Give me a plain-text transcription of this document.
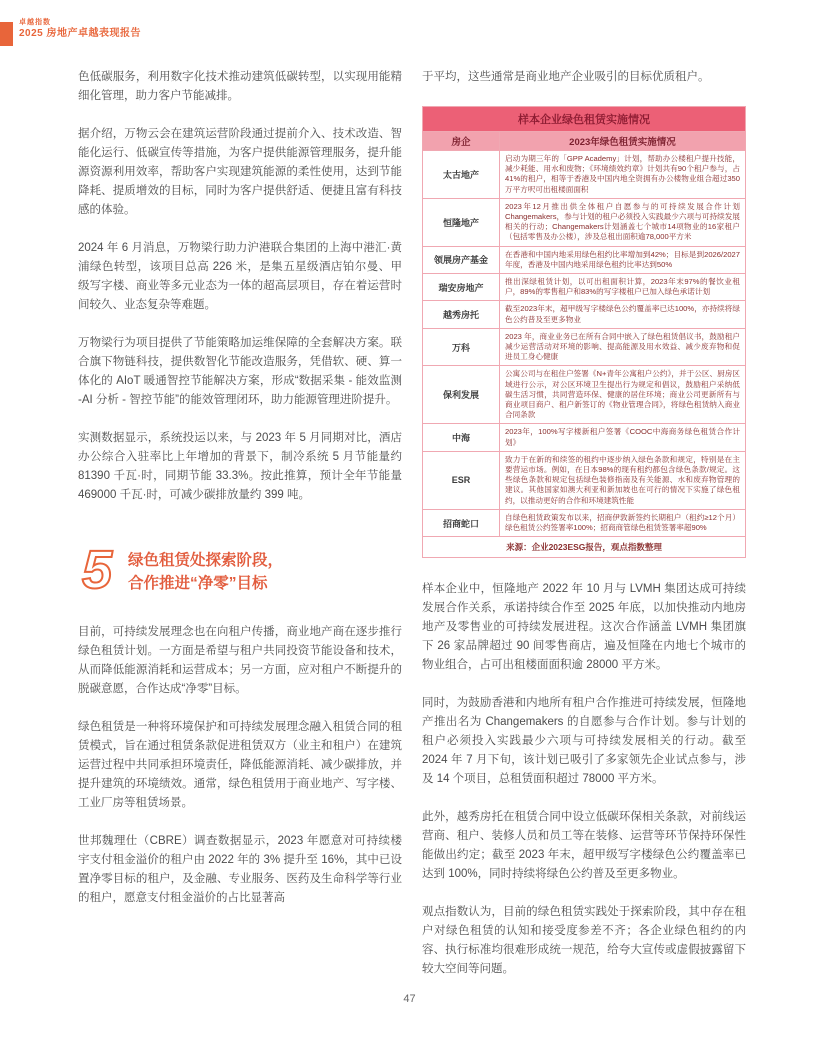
卓越指数
2025 房地产卓越表现报告

色低碳服务，利用数字化技术推动建筑低碳转型，以实现用能精细化管理，助力客户节能减排。

据介绍，万物云会在建筑运营阶段通过提前介入、技术改造、智能化运行、低碳宣传等措施，为客户提供能源管理服务，提升能源资源利用效率，帮助客户实现建筑能源的柔性使用，达到节能降耗、提质增效的目标，同时为客户提供舒适、便捷且富有科技感的体验。

2024 年 6 月消息，万物梁行助力沪港联合集团的上海中港汇·黄浦绿色转型，该项目总高 226 米，是集五星级酒店铂尔曼、甲级写字楼、商业等多元业态为一体的超高层项目，存在着运营时间较久、业态复杂等难题。

万物梁行为项目提供了节能策略加运维保障的全套解决方案。联合旗下物链科技，提供数智化节能改造服务，凭借软、硬、算一体化的 AIoT 暖通智控节能解决方案，形成“数据采集 - 能效监测 -AI 分析 - 智控节能”的能效管理闭环，助力能源管理进阶提升。

实测数据显示，系统投运以来，与 2023 年 5 月同期对比，酒店办公综合入驻率比上年增加的背景下，制冷系统 5 月节能量约 81390 千瓦·时，同期节能 33.3%。按此推算，预计全年节能量 469000 千瓦·时，可减少碳排放量约 399 吨。

5 绿色租赁处探索阶段，
合作推进“净零”目标

目前，可持续发展理念也在向租户传播，商业地产商在逐步推行绿色租赁计划。一方面是希望与租户共同投资节能设备和技术，从而降低能源消耗和运营成本；另一方面，应对租户不断提升的脱碳意愿，合作达成“净零”目标。

绿色租赁是一种将环境保护和可持续发展理念融入租赁合同的租赁模式，旨在通过租赁条款促进租赁双方（业主和租户）在建筑运营过程中共同承担环境责任，降低能源消耗、减少碳排放，并提升建筑的环境绩效。通常，绿色租赁用于商业地产、写字楼、工业厂房等租赁场景。

世邦魏理仕（CBRE）调查数据显示，2023 年愿意对可持续楼宇支付租金溢价的租户由 2022 年的 3% 提升至 16%，其中已设置净零目标的租户，及金融、专业服务、医药及生命科学等行业的租户，愿意支付租金溢价的占比显著高

于平均，这些通常是商业地产企业吸引的目标优质租户。

样本企业绿色租赁实施情况	
房企	2023年绿色租赁实施情况
太古地产	启动为期三年的「GPP Academy」计划，帮助办公楼租户提升技能，减少耗能、用水和废物；《环境绩效约章》计划共有90个租户参与，占41%的租户，相等于香港及中国内地全资拥有办公楼物业组合超过350万平方呎可出租楼面面积
恒隆地产	2023年12月推出供全体租户自愿参与的可持续发展合作计划Changemakers，参与计划的租户必须投入实践最少六项与可持续发展相关的行动；Changemakers计划涵盖七个城市14项物业的16家租户（包括零售及办公楼），涉及总租出面积逾78,000平方米
领展房产基金	在香港和中国内地采用绿色租约比率增加到42%；目标是到2026/2027年度，香港及中国内地采用绿色租约比率达到50%
瑞安房地产	推出深绿租赁计划，以可出租面积计算，2023年末97%的餐饮业租户，89%的零售租户和83%的写字楼租户已加入绿色承诺计划
越秀房托	截至2023年末，超甲级写字楼绿色公约覆盖率已达100%，亦持续将绿色公约普及至更多物业
万科	2023 年，商业业务已在所有合同中嵌入了绿色租赁倡议书，鼓励租户减少运营活动对环境的影响、提高能源及用水效益、减少废弃物和促进员工身心健康
保利发展	公寓公司与在租住户签署《N+青年公寓租户公约》，并于公区、厨房区域进行公示，对公区环境卫生提出行为规定和倡议，鼓励租户采纳低碳生活习惯，共同营造环保、健康的居住环境；商业公司更新所有与商业项目商户、租户新签订的《物业管理合同》，将绿色租赁纳入商业合同条款
中海	2023年，100%写字楼新租户签署《COOC中海商务绿色租赁合作计划》
ESR	致力于在新的和续签的租约中逐步纳入绿色条款和规定，特别是在主要营运市场。例如，在日本98%的现有租约都包含绿色条款/规定。这些绿色条款和规定包括绿色装修指南及有关能源、水和废弃物管理的建议。其他国家如澳大利亚和新加坡也在可行的情况下实施了绿色租约，以推动更好的合作和环境建筑性能
招商蛇口	自绿色租赁政策发布以来，招商伊敦新签约长期租户（租约≥12个月）绿色租赁公约签署率100%；招商商管绿色租赁签署率超90%
来源：企业2023ESG报告，观点指数整理	

样本企业中，恒隆地产 2022 年 10 月与 LVMH 集团达成可持续发展合作关系，承诺持续合作至 2025 年底，以加快推动内地房地产及零售业的可持续发展进程。这次合作涵盖 LVMH 集团旗下 26 家品牌超过 90 间零售商店，遍及恒隆在内地七个城市的物业组合，占可出租楼面面积逾 28000 平方米。

同时，为鼓励香港和内地所有租户合作推进可持续发展，恒隆地产推出名为 Changemakers 的自愿参与合作计划。参与计划的租户必须投入实践最少六项与可持续发展相关的行动。截至 2024 年 7 月下旬，该计划已吸引了多家领先企业试点参与，涉及 14 个项目，总租赁面积超过 78000 平方米。

此外，越秀房托在租赁合同中设立低碳环保相关条款，对前线运营商、租户、装修人员和员工等在装修、运营等环节保持环保性能做出约定；截至 2023 年末，超甲级写字楼绿色公约覆盖率已达到 100%，同时持续将绿色公约普及至更多物业。

观点指数认为，目前的绿色租赁实践处于探索阶段，其中存在租户对绿色租赁的认知和接受度参差不齐；各企业绿色租约的内容、执行标准均很难形成统一规范，给夸大宣传或虚假披露留下较大空间等问题。

47
